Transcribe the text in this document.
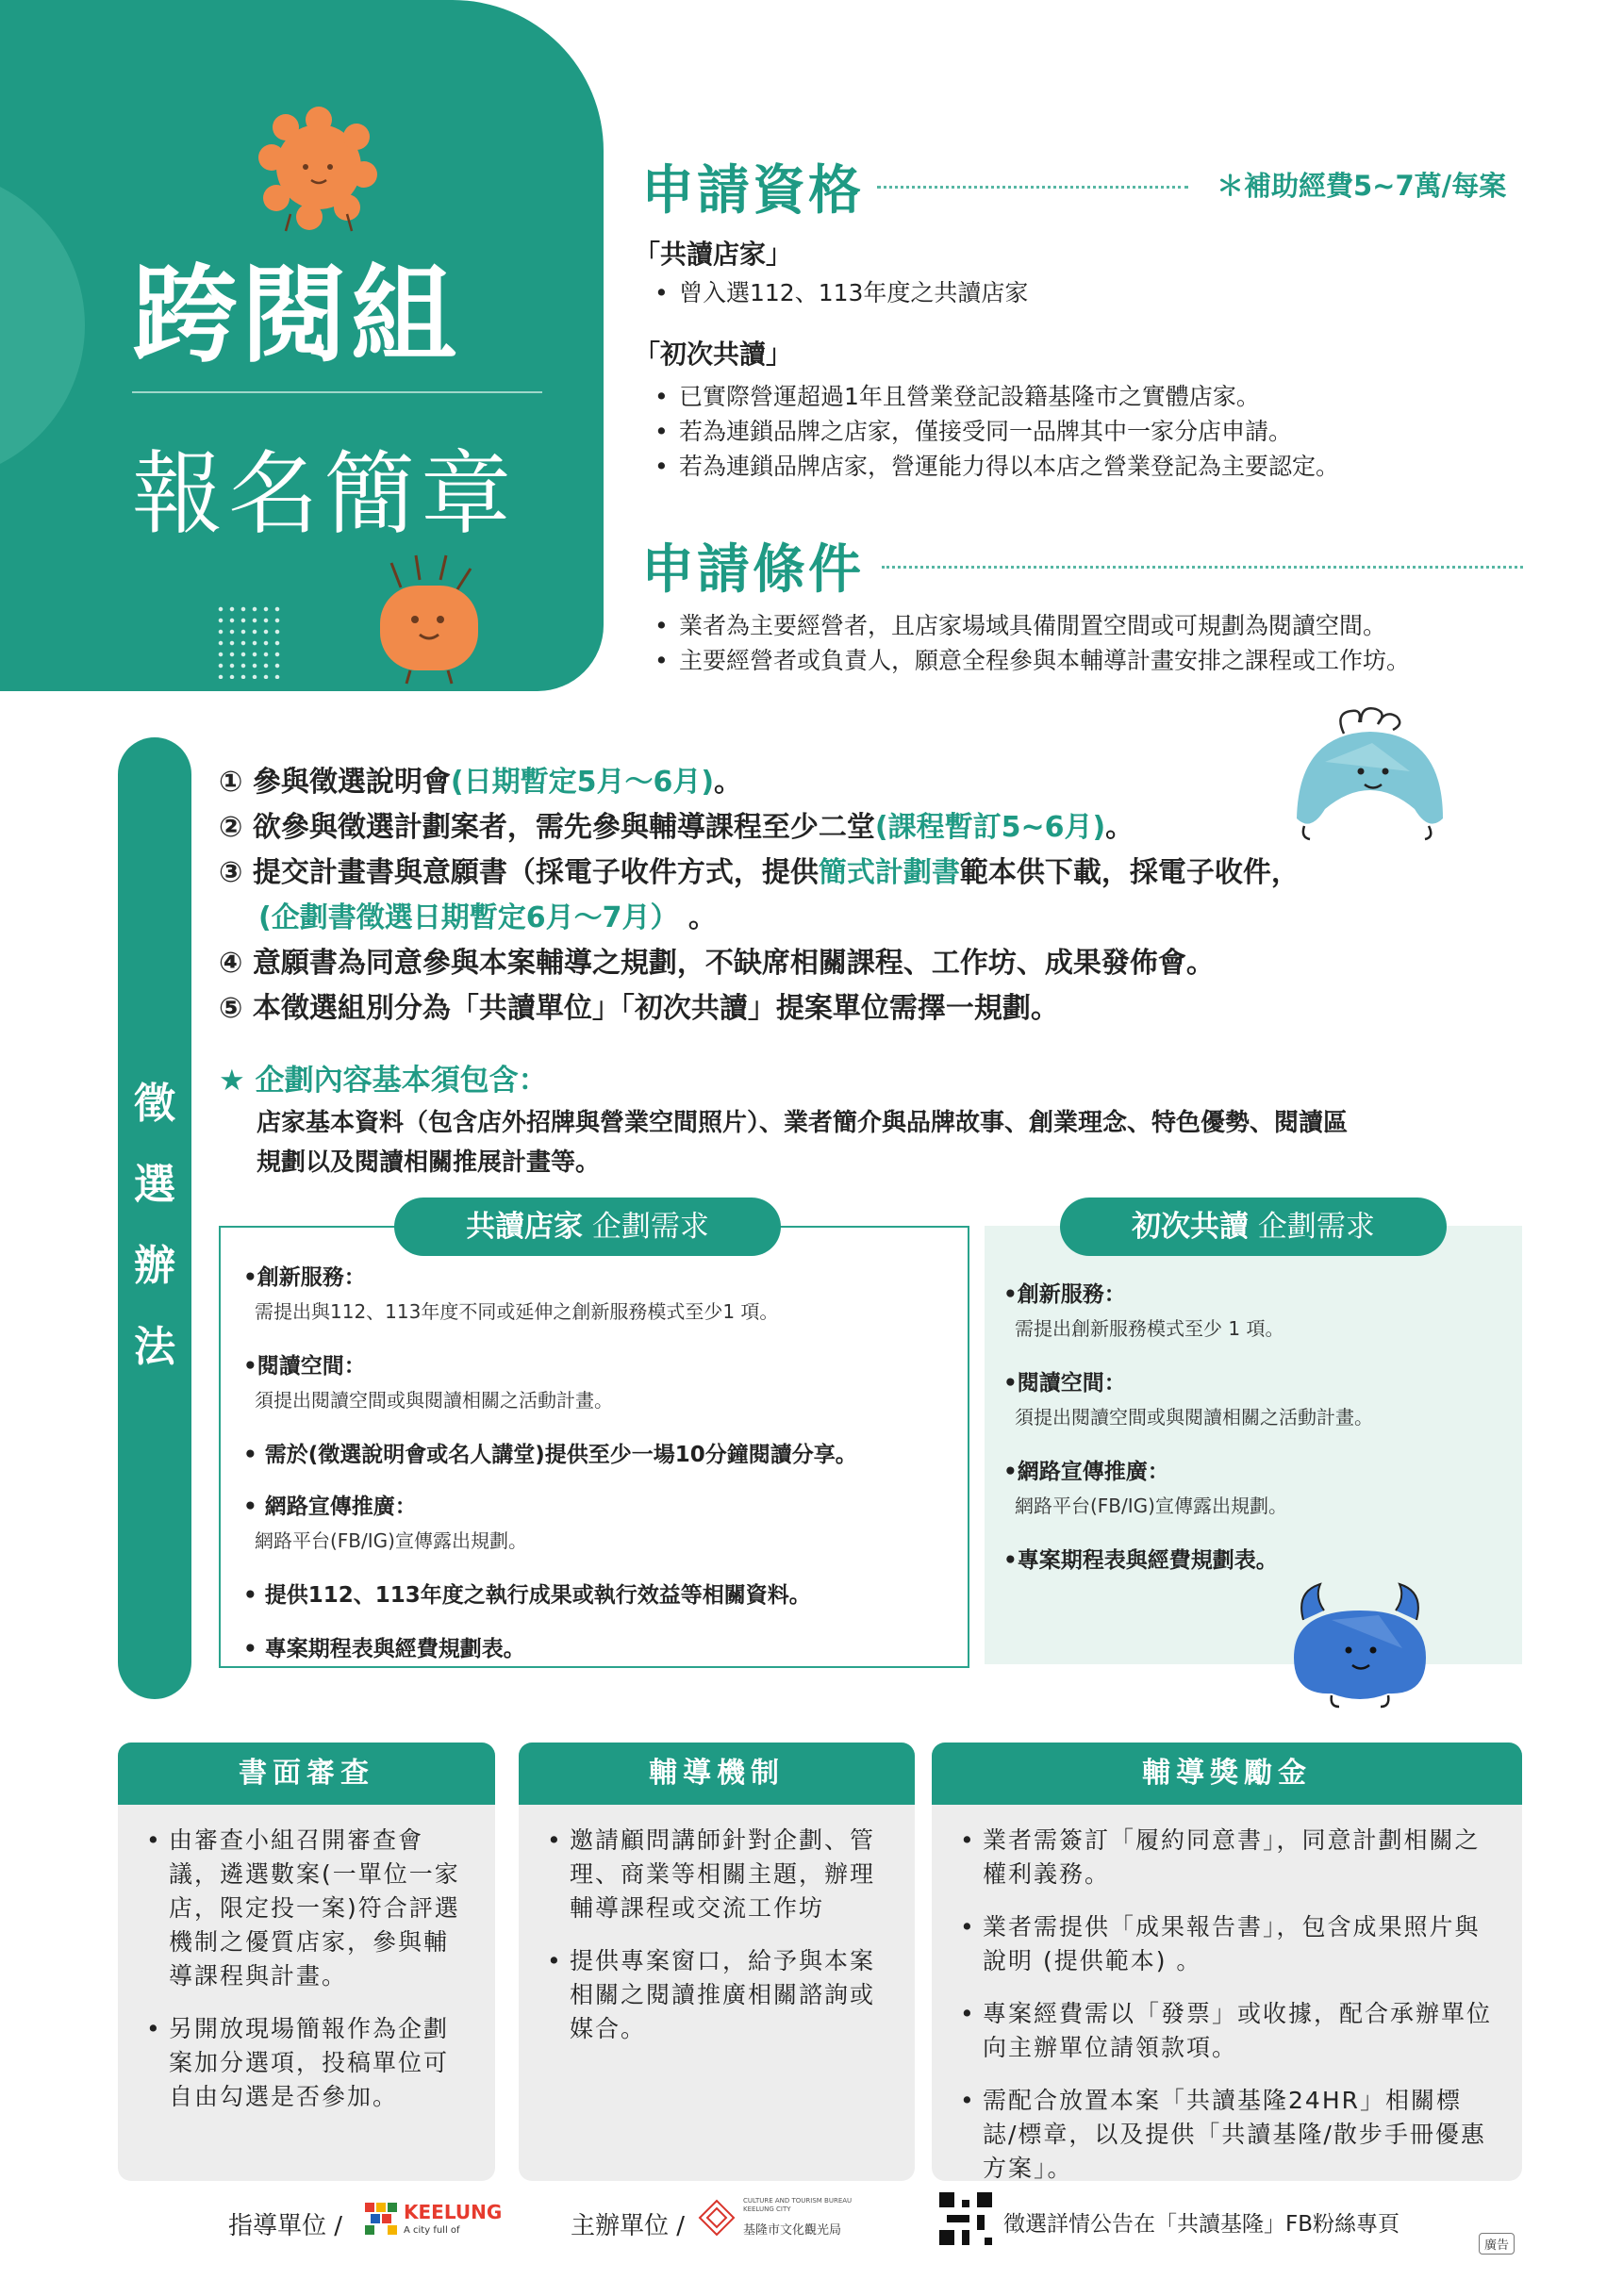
跨閱組
報名簡章
申請資格	＊補助經費5~7萬/每案
「共讀店家」
• 曾入選112、113年度之共讀店家
「初次共讀」
• 已實際營運超過1年且營業登記設籍基隆市之實體店家。
• 若為連鎖品牌之店家，僅接受同一品牌其中一家分店申請。
• 若為連鎖品牌店家，營運能力得以本店之營業登記為主要認定。
申請條件
• 業者為主要經營者，且店家場域具備閒置空間或可規劃為閱讀空間。
• 主要經營者或負責人，願意全程參與本輔導計畫安排之課程或工作坊。
徵
選
辦
法
① 參與徵選說明會(日期暫定5月～6月)。
② 欲參與徵選計劃案者，需先參與輔導課程至少二堂(課程暫訂5~6月)。
③ 提交計畫書與意願書（採電子收件方式，提供簡式計劃書範本供下載，採電子收件，
(企劃書徵選日期暫定6月～7月） 。
④ 意願書為同意參與本案輔導之規劃，不缺席相關課程、工作坊、成果發佈會。
⑤ 本徵選組別分為「共讀單位」「初次共讀」提案單位需擇一規劃。
★ 企劃內容基本須包含：
店家基本資料（包含店外招牌與營業空間照片）、業者簡介與品牌故事、創業理念、特色優勢、閱讀區
規劃以及閱讀相關推展計畫等。
•創新服務：
需提出與112、113年度不同或延伸之創新服務模式至少1 項。
•閱讀空間：
須提出閱讀空間或與閱讀相關之活動計畫。
• 需於(徵選說明會或名人講堂)提供至少一場10分鐘閱讀分享。
• 網路宣傳推廣：
網路平台(FB/IG)宣傳露出規劃。
• 提供112、113年度之執行成果或執行效益等相關資料。
• 專案期程表與經費規劃表。
共讀店家 企劃需求
•創新服務：
需提出創新服務模式至少 1 項。
•閱讀空間：
須提出閱讀空間或與閱讀相關之活動計畫。
•網路宣傳推廣：
網路平台(FB/IG)宣傳露出規劃。
•專案期程表與經費規劃表。
初次共讀 企劃需求
書面審查
• 由審查小組召開審查會議，遴選數案(一單位一家店，限定投一案)符合評選機制之優質店家，參與輔導課程與計畫。
• 另開放現場簡報作為企劃案加分選項，投稿單位可自由勾選是否參加。
輔導機制
• 邀請顧問講師針對企劃、管理、商業等相關主題，辦理輔導課程或交流工作坊
• 提供專案窗口，給予與本案相關之閱讀推廣相關諮詢或媒合。
輔導獎勵金
• 業者需簽訂「履約同意書」，同意計劃相關之權利義務。
• 業者需提供「成果報告書」，包含成果照片與說明 (提供範本) 。
• 專案經費需以「發票」或收據，配合承辦單位向主辦單位請領款項。
• 需配合放置本案「共讀基隆24HR」相關標誌/標章，以及提供「共讀基隆/散步手冊優惠方案」。
指導單位 /	KEELUNG
A city full of	主辦單位 /
CULTURE AND TOURISM BUREAU KEELUNG CITY
基隆市文化觀光局	徵選詳情公告在「共讀基隆」FB粉絲專頁
廣告
